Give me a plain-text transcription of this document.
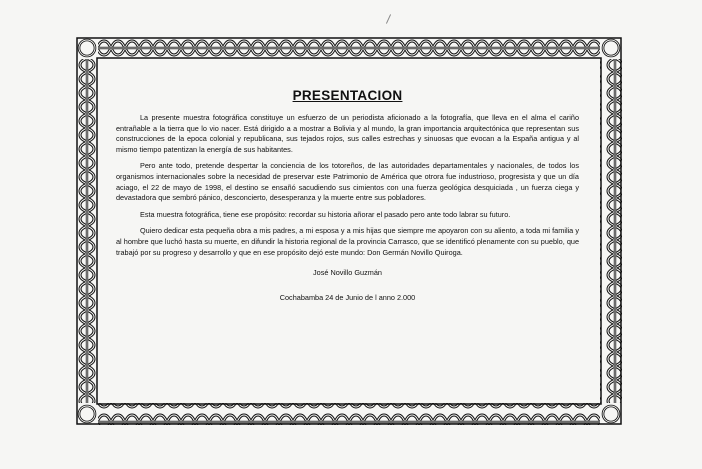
PRESENTACION

La presente muestra fotográfica constituye un esfuerzo de un periodista aficionado a la fotografía, que lleva en el alma el cariño entrañable a la tierra que lo vio nacer. Está dirigido a a mostrar a Bolivia y al mundo, la gran importancia arquitectónica que representan sus construcciones de la epoca colonial y republicana, sus tejados rojos, sus calles estrechas y sinuosas que evocan a la España antigua y al mismo tiempo patentizan la energía de sus habitantes.

Pero ante todo, pretende despertar la conciencia de los totoreños, de las autoridades departamentales y nacionales, de todos los organismos internacionales sobre la necesidad de preservar este Patrimonio de América que otrora fue industrioso, progresista y que un día aciago, el 22 de mayo de 1998, el destino se ensañó sacudiendo sus cimientos con una fuerza geológica desquiciada , un fuerza ciega y devastadora que sembró pánico, desconcierto, desesperanza y la muerte entre sus pobladores.

Esta muestra fotográfica, tiene ese propósito: recordar su historia añorar el pasado pero ante todo labrar su futuro.

Quiero dedicar esta pequeña obra a mis padres, a mi esposa y a mis hijas que siempre me apoyaron con su aliento, a toda mi familia y al hombre que luchó hasta su muerte, en difundir la historia regional de la provincia Carrasco, que se identificó plenamente con su pueblo, que trabajó por su progreso y desarrollo y que en ese propósito dejó este mundo: Don Germán Novillo Quiroga.

José Novillo Guzmán
Cochabamba 24 de Junio de l anno 2.000
